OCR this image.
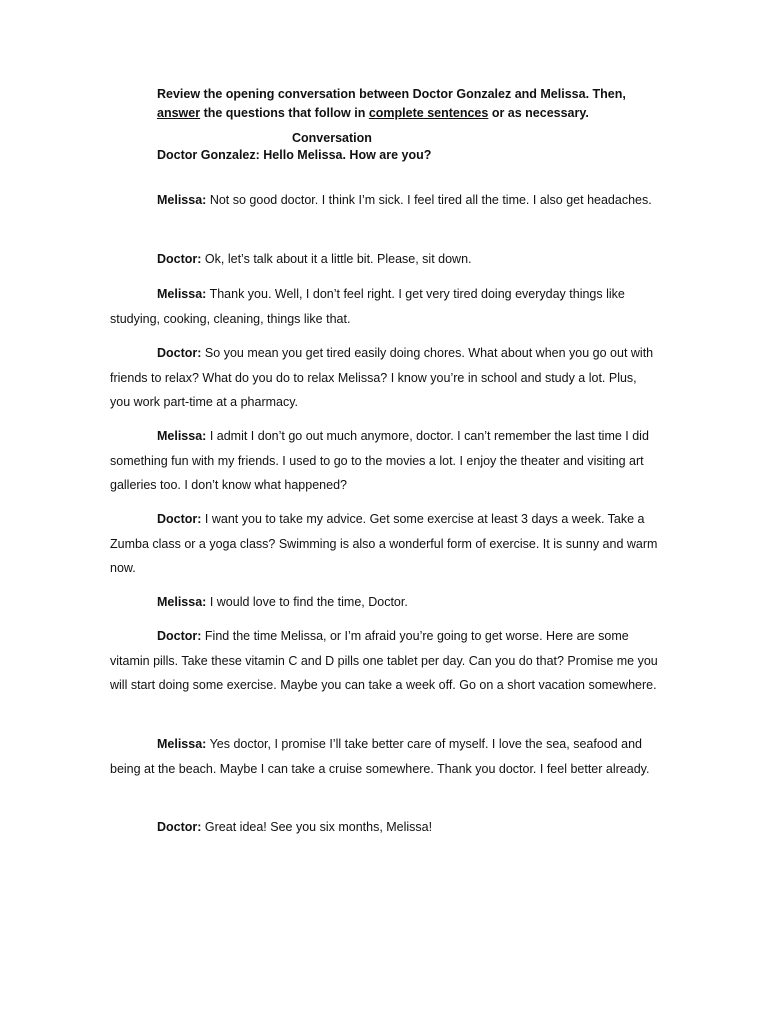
Review the opening conversation between Doctor Gonzalez and Melissa. Then,
answer the questions that follow in complete sentences or as necessary.
Conversation

Doctor Gonzalez: Hello Melissa. How are you?

Melissa: Not so good doctor. I think I’m sick. I feel tired all the time. I also get headaches.

Doctor: Ok, let’s talk about it a little bit. Please, sit down.

Melissa: Thank you. Well, I don’t feel right. I get very tired doing everyday things like studying, cooking, cleaning, things like that.

Doctor: So you mean you get tired easily doing chores. What about when you go out with friends to relax? What do you do to relax Melissa? I know you’re in school and study a lot. Plus, you work part-time at a pharmacy.

Melissa: I admit I don’t go out much anymore, doctor. I can’t remember the last time I did something fun with my friends. I used to go to the movies a lot. I enjoy the theater and visiting art galleries too. I don’t know what happened?

Doctor: I want you to take my advice. Get some exercise at least 3 days a week. Take a Zumba class or a yoga class? Swimming is also a wonderful form of exercise. It is sunny and warm now.

Melissa: I would love to find the time, Doctor.

Doctor: Find the time Melissa, or I’m afraid you’re going to get worse. Here are some vitamin pills. Take these vitamin C and D pills one tablet per day. Can you do that? Promise me you will start doing some exercise. Maybe you can take a week off. Go on a short vacation somewhere.

Melissa: Yes doctor, I promise I’ll take better care of myself. I love the sea, seafood and being at the beach. Maybe I can take a cruise somewhere. Thank you doctor. I feel better already.

Doctor: Great idea! See you six months, Melissa!
